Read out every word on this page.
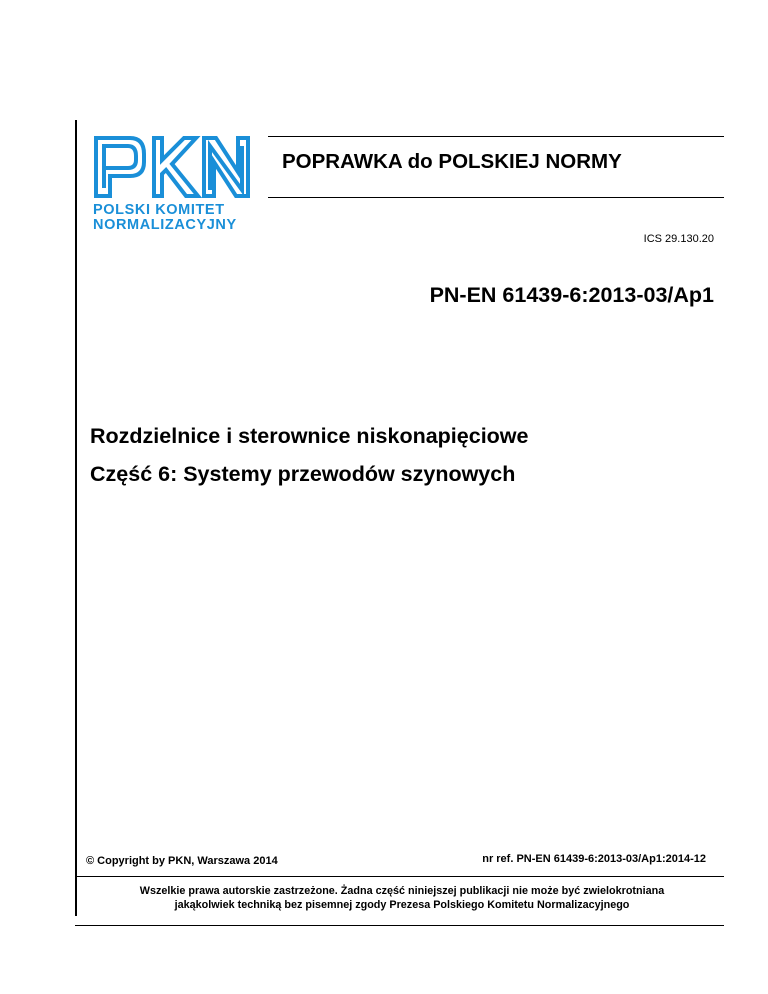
POLSKI KOMITET
NORMALIZACYJNY
POPRAWKA do POLSKIEJ NORMY
ICS 29.130.20
PN-EN 61439-6:2013-03/Ap1
Rozdzielnice i sterownice niskonapięciowe
Część 6: Systemy przewodów szynowych
© Copyright by PKN, Warszawa 2014	nr ref. PN-EN 61439-6:2013-03/Ap1:2014-12
Wszelkie prawa autorskie zastrzeżone. Żadna część niniejszej publikacji nie może być zwielokrotniana
jakąkolwiek techniką bez pisemnej zgody Prezesa Polskiego Komitetu Normalizacyjnego
